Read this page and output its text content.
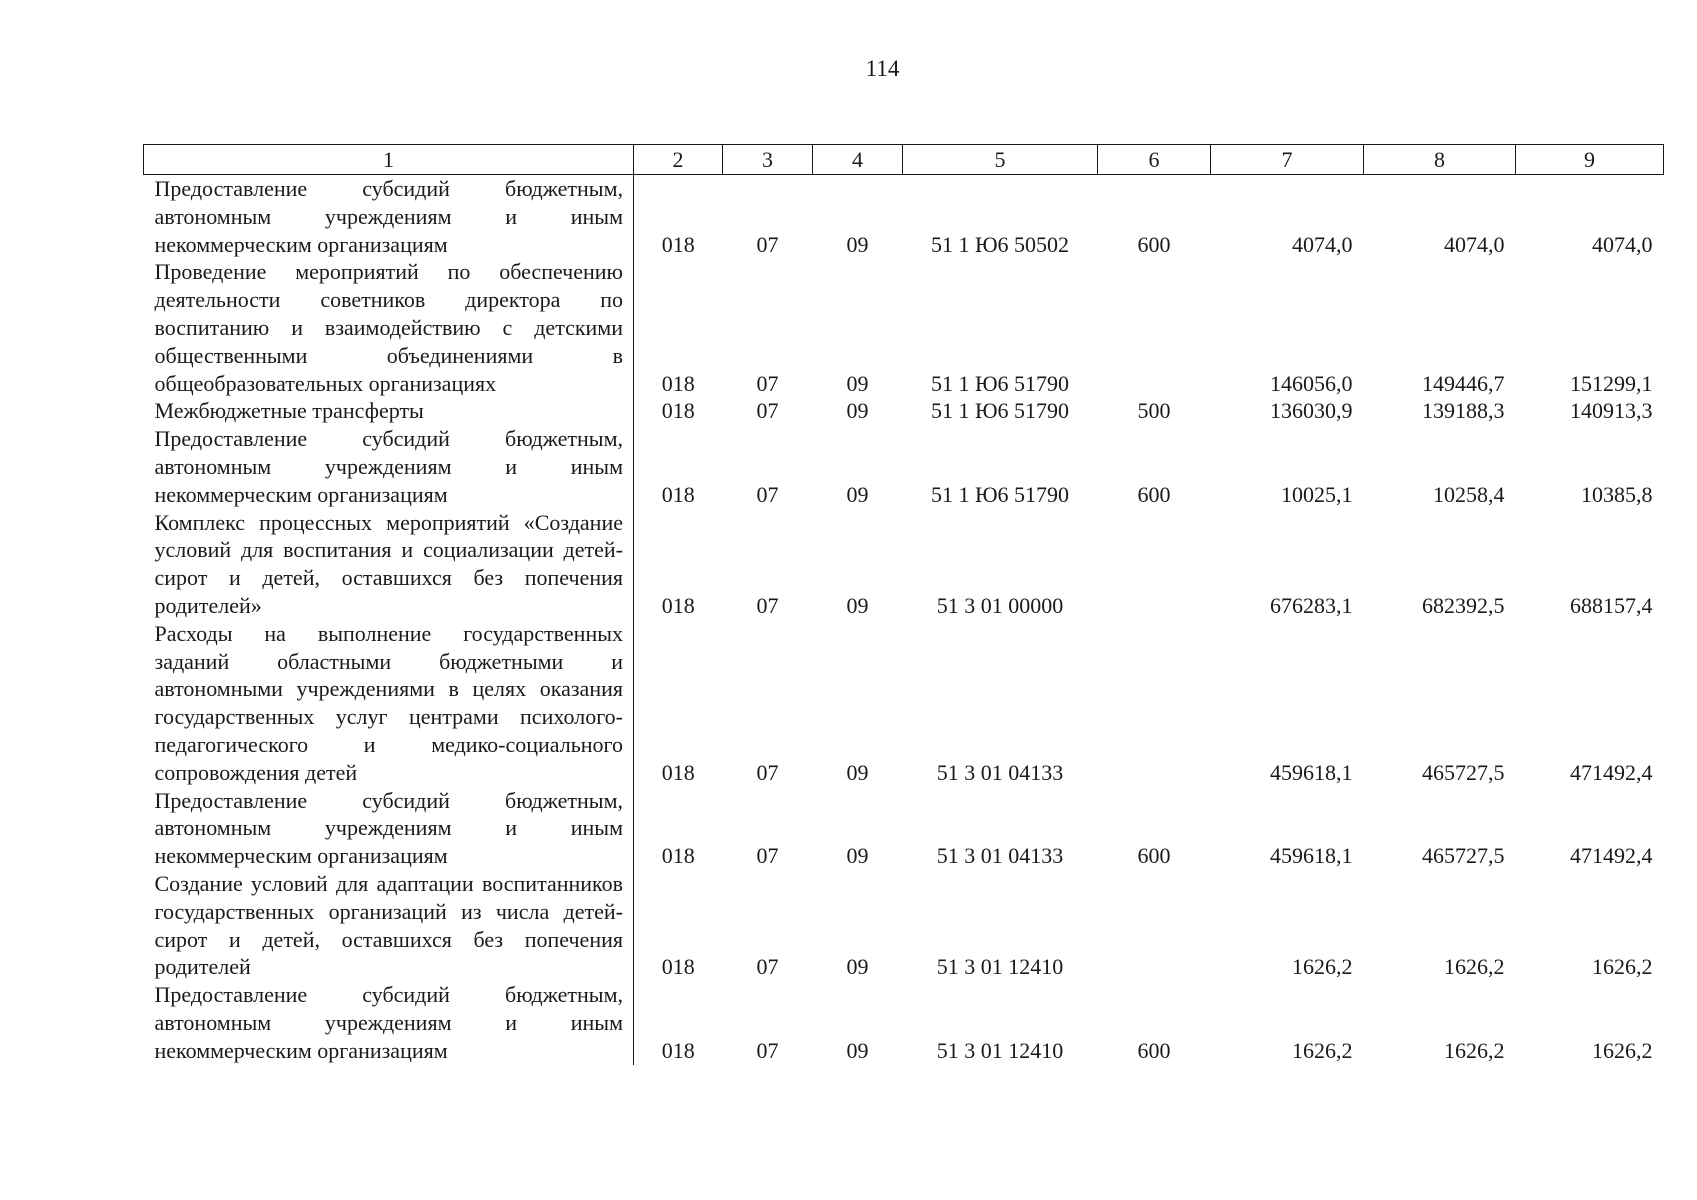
114
1	2	3	4	5	6	7	8	9
Предоставление субсидий бюджетным, автономным учреждениям и иным некоммерческим организациям	018	07	09	51 1 Ю6 50502	600	4074,0	4074,0	4074,0
Проведение мероприятий по обеспечению деятельности советников директора по воспитанию и взаимодействию с детскими общественными объединениями в общеобразовательных организациях	018	07	09	51 1 Ю6 51790		146056,0	149446,7	151299,1
Межбюджетные трансферты	018	07	09	51 1 Ю6 51790	500	136030,9	139188,3	140913,3
Предоставление субсидий бюджетным, автономным учреждениям и иным некоммерческим организациям	018	07	09	51 1 Ю6 51790	600	10025,1	10258,4	10385,8
Комплекс процессных мероприятий «Создание условий для воспитания и социализации детей-сирот и детей, оставшихся без попечения родителей»	018	07	09	51 3 01 00000		676283,1	682392,5	688157,4
Расходы на выполнение государственных заданий областными бюджетными и автономными учреждениями в целях оказания государственных услуг центрами психолого-педагогического и медико-социального сопровождения детей	018	07	09	51 3 01 04133		459618,1	465727,5	471492,4
Предоставление субсидий бюджетным, автономным учреждениям и иным некоммерческим организациям	018	07	09	51 3 01 04133	600	459618,1	465727,5	471492,4
Создание условий для адаптации воспитанников государственных организаций из числа детей-сирот и детей, оставшихся без попечения родителей	018	07	09	51 3 01 12410		1626,2	1626,2	1626,2
Предоставление субсидий бюджетным, автономным учреждениям и иным некоммерческим организациям	018	07	09	51 3 01 12410	600	1626,2	1626,2	1626,2
